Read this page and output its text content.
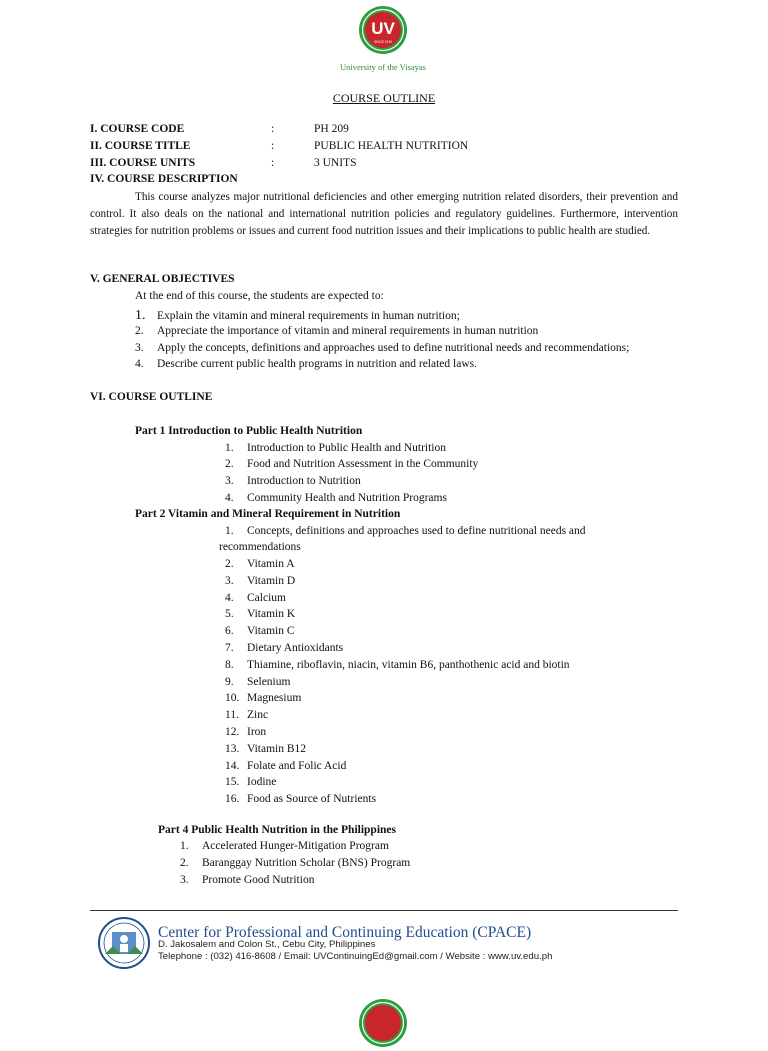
UV
SINCE 1919
University of the Visayas
COURSE OUTLINE
I. COURSE CODE	:	PH 209
II. COURSE TITLE	:	PUBLIC HEALTH NUTRITION
III. COURSE UNITS	:	3 UNITS
IV. COURSE DESCRIPTION
This course analyzes major nutritional deficiencies and other emerging nutrition related disorders, their prevention and control. It also deals on the national and international nutrition policies and regulatory guidelines. Furthermore, intervention strategies for nutrition problems or issues and current food nutrition issues and their implications to public health are studied.
V. GENERAL OBJECTIVES
At the end of this course, the students are expected to:
1. Explain the vitamin and mineral requirements in human nutrition;
2. Appreciate the importance of vitamin and mineral requirements in human nutrition
3. Apply the concepts, definitions and approaches used to define nutritional needs and recommendations;
4. Describe current public health programs in nutrition and related laws.
VI. COURSE OUTLINE
Part 1 Introduction to Public Health Nutrition
1. Introduction to Public Health and Nutrition
2. Food and Nutrition Assessment in the Community
3. Introduction to Nutrition
4. Community Health and Nutrition Programs
Part 2 Vitamin and Mineral Requirement in Nutrition
1. Concepts, definitions and approaches used to define nutritional needs and
recommendations
2. Vitamin A
3. Vitamin D
4. Calcium
5. Vitamin K
6. Vitamin C
7. Dietary Antioxidants
8. Thiamine, riboflavin, niacin, vitamin B6, panthothenic acid and biotin
9. Selenium
10. Magnesium
11. Zinc
12. Iron
13. Vitamin B12
14. Folate and Folic Acid
15. Iodine
16. Food as Source of Nutrients
Part 4 Public Health Nutrition in the Philippines
1. Accelerated Hunger-Mitigation Program
2. Baranggay Nutrition Scholar (BNS) Program
3. Promote Good Nutrition
Center for Professional and Continuing Education (CPACE)
D. Jakosalem and Colon St., Cebu City, Philippines
Telephone : (032) 416-8608 / Email: UVContinuingEd@gmail.com / Website : www.uv.edu.ph
